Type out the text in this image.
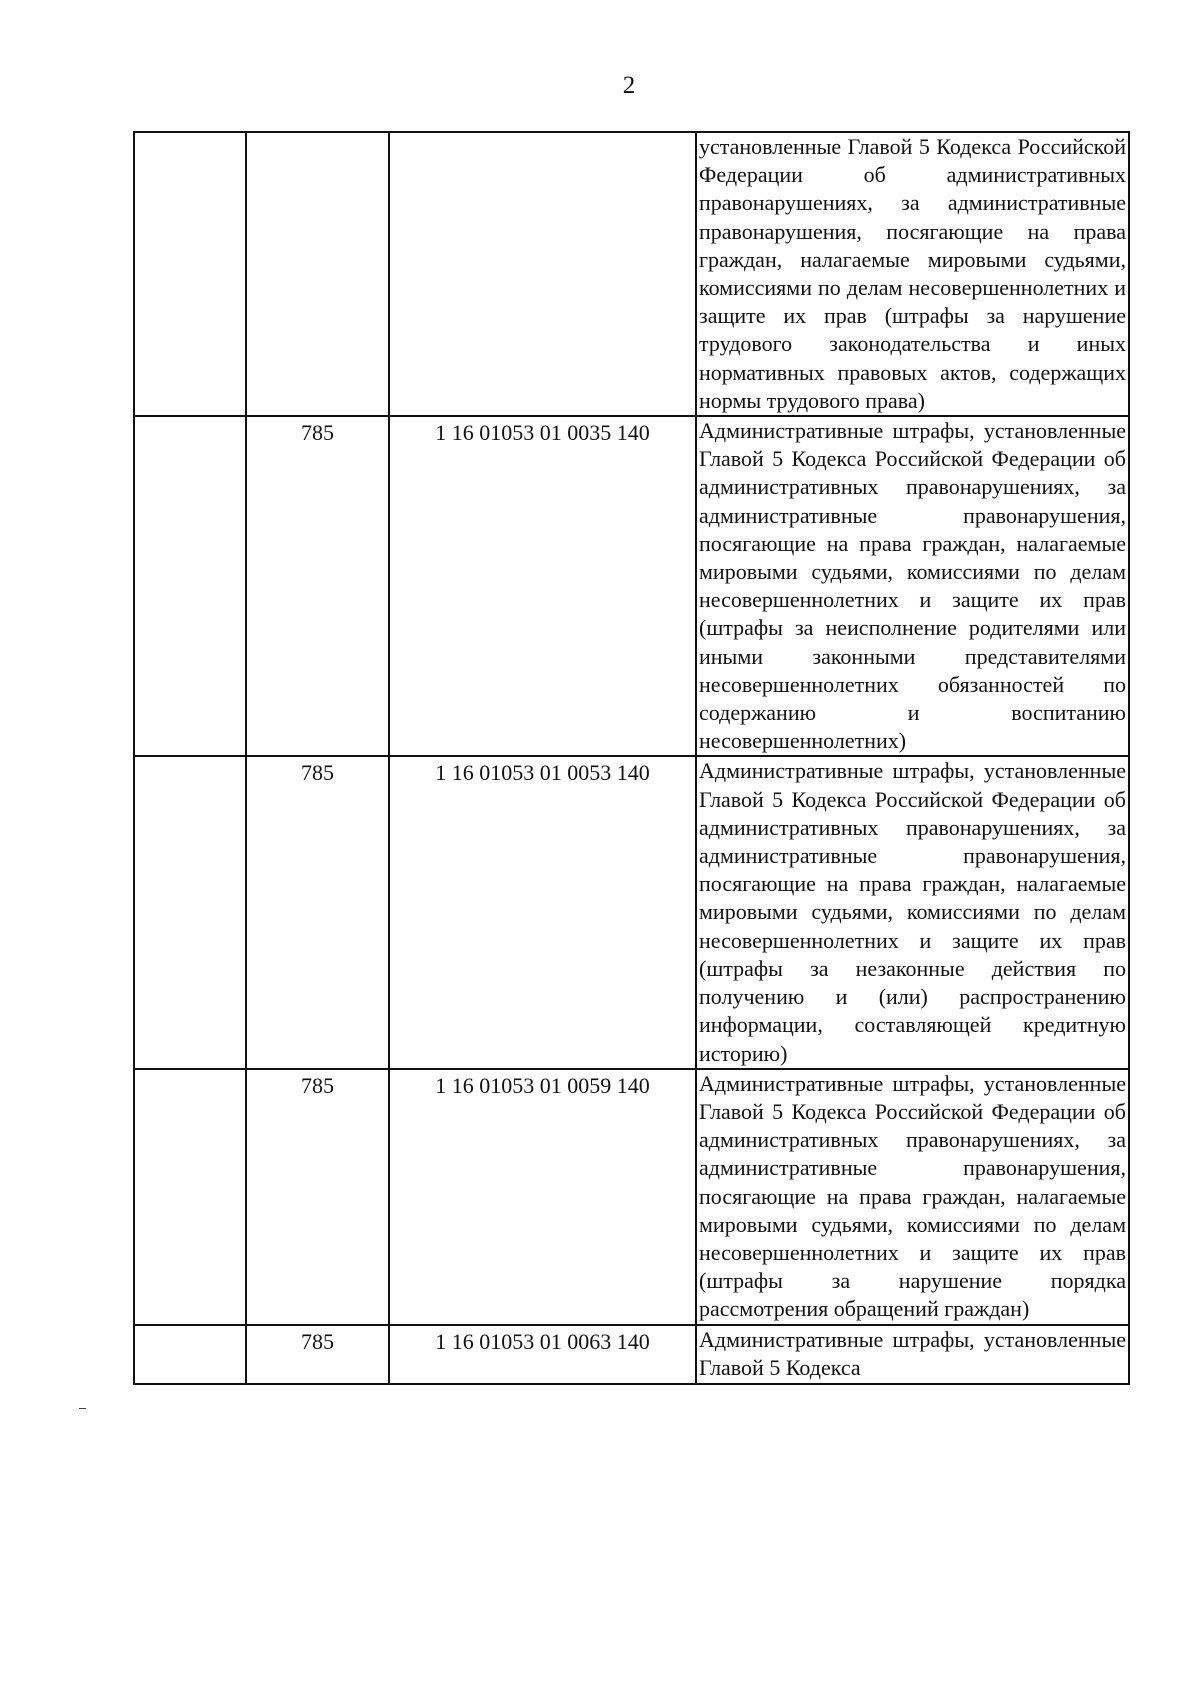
2
			установленные Главой 5 Кодекса Российской Федерации об административных правонарушениях, за административные правонарушения, посягающие на права граждан, налагаемые мировыми судьями, комиссиями по делам несовершеннолетних и защите их прав (штрафы за нарушение трудового законодательства и иных нормативных правовых актов, содержащих нормы трудового права)
	785	1 16 01053 01 0035 140	Административные штрафы, установленные Главой 5 Кодекса Российской Федерации об административных правонарушениях, за административные правонарушения, посягающие на права граждан, налагаемые мировыми судьями, комиссиями по делам несовершеннолетних и защите их прав (штрафы за неисполнение родителями или иными законными представителями несовершеннолетних обязанностей по содержанию и воспитанию несовершеннолетних)
	785	1 16 01053 01 0053 140	Административные штрафы, установленные Главой 5 Кодекса Российской Федерации об административных правонарушениях, за административные правонарушения, посягающие на права граждан, налагаемые мировыми судьями, комиссиями по делам несовершеннолетних и защите их прав (штрафы за незаконные действия по получению и (или) распространению информации, составляющей кредитную историю)
	785	1 16 01053 01 0059 140	Административные штрафы, установленные Главой 5 Кодекса Российской Федерации об административных правонарушениях, за административные правонарушения, посягающие на права граждан, налагаемые мировыми судьями, комиссиями по делам несовершеннолетних и защите их прав (штрафы за нарушение порядка рассмотрения обращений граждан)
	785	1 16 01053 01 0063 140	Административные штрафы, установленные Главой 5 Кодекса
